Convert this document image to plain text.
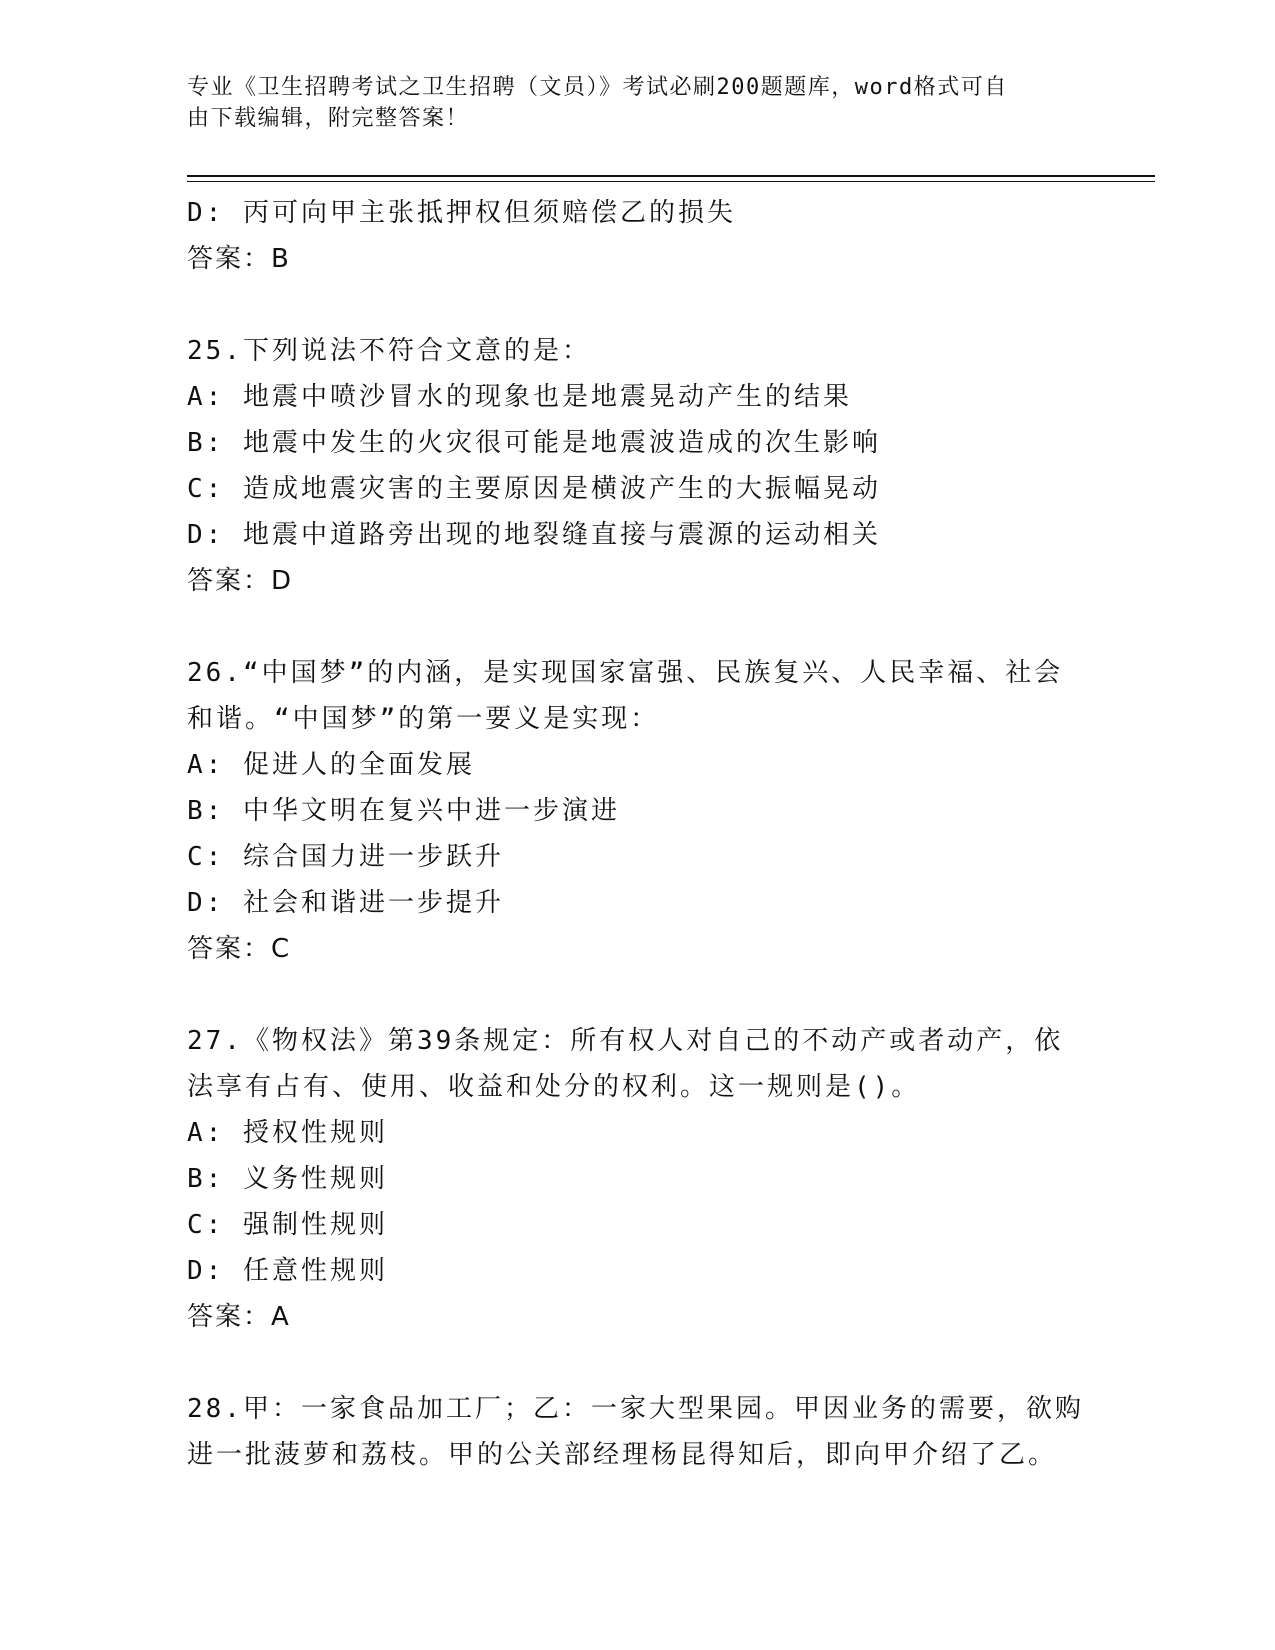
专业《卫生招聘考试之卫生招聘（文员）》考试必刷200题题库，word格式可自
由下载编辑，附完整答案！
D: 丙可向甲主张抵押权但须赔偿乙的损失
答案：B
25.下列说法不符合文意的是：
A: 地震中喷沙冒水的现象也是地震晃动产生的结果
B: 地震中发生的火灾很可能是地震波造成的次生影响
C: 造成地震灾害的主要原因是横波产生的大振幅晃动
D: 地震中道路旁出现的地裂缝直接与震源的运动相关
答案：D
26.“中国梦”的内涵，是实现国家富强、民族复兴、人民幸福、社会
和谐。“中国梦”的第一要义是实现：
A: 促进人的全面发展
B: 中华文明在复兴中进一步演进
C: 综合国力进一步跃升
D: 社会和谐进一步提升
答案：C
27.《物权法》第39条规定：所有权人对自己的不动产或者动产，依
法享有占有、使用、收益和处分的权利。这一规则是()。
A: 授权性规则
B: 义务性规则
C: 强制性规则
D: 任意性规则
答案：A
28.甲：一家食品加工厂；乙：一家大型果园。甲因业务的需要，欲购
进一批菠萝和荔枝。甲的公关部经理杨昆得知后，即向甲介绍了乙。
